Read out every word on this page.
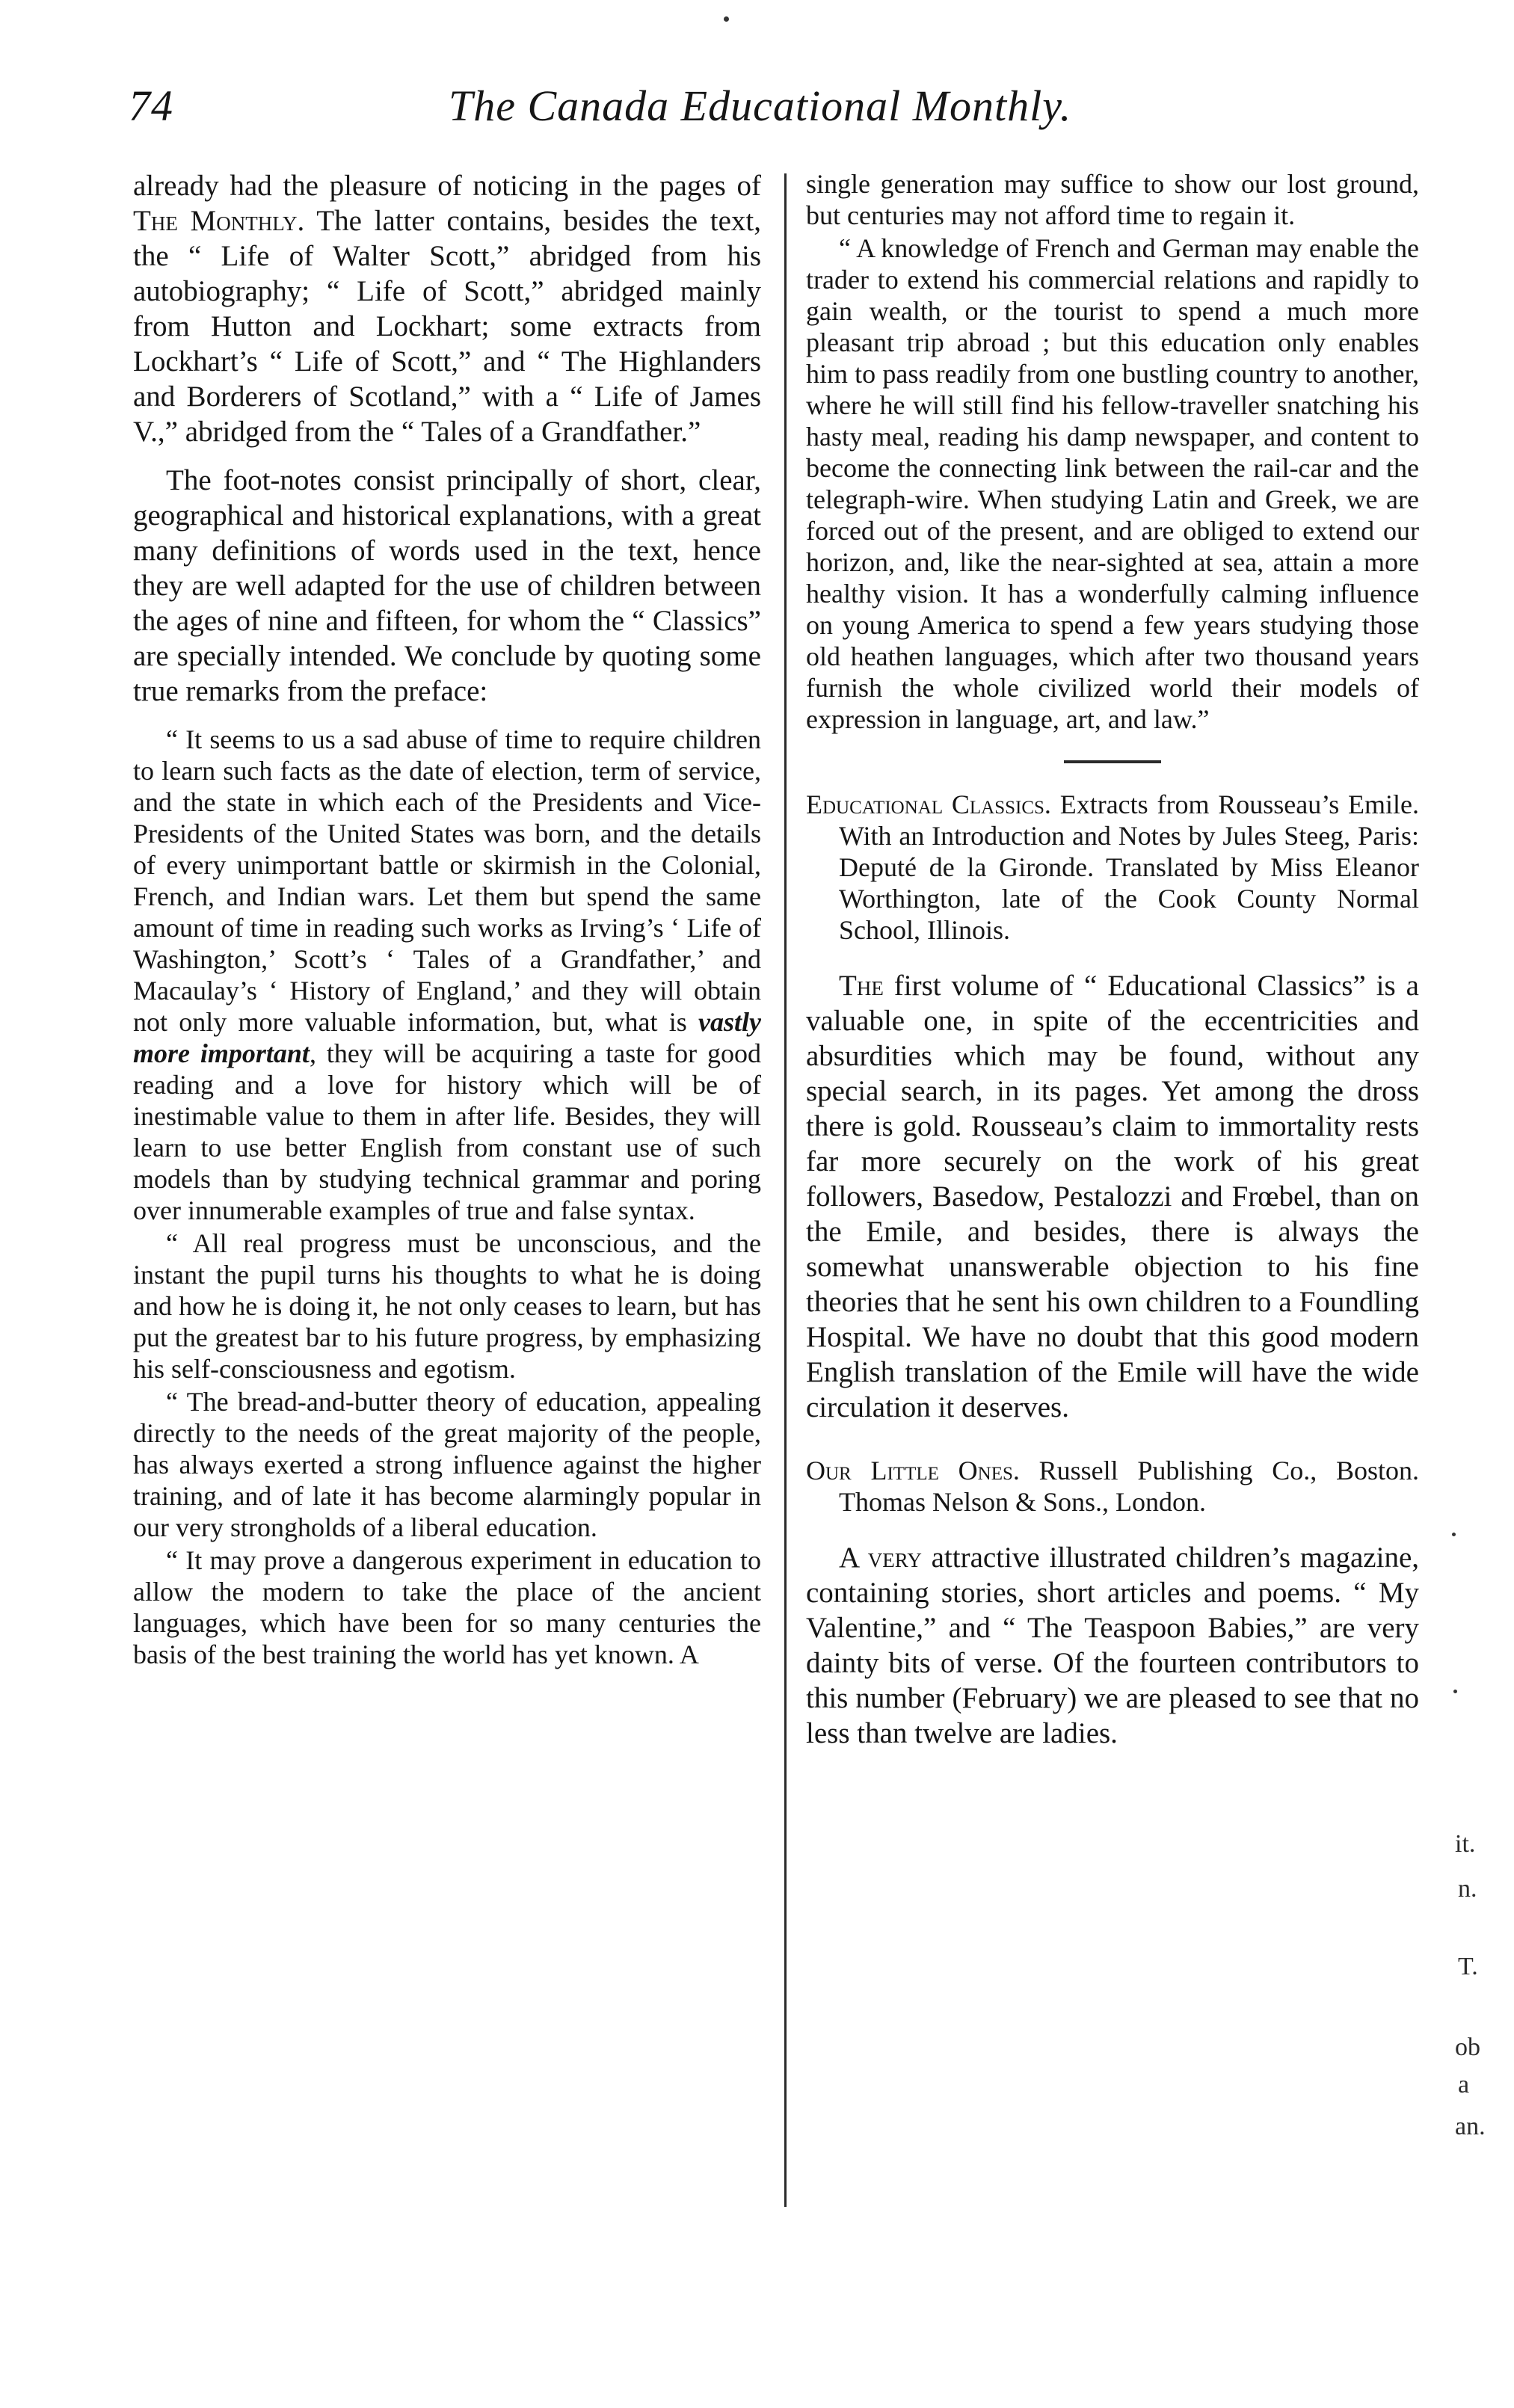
74	The Canada Educational Monthly.

already had the pleasure of noticing in the pages of The Monthly. The latter contains, besides the text, the “ Life of Walter Scott,” abridged from his autobiography; “ Life of Scott,” abridged mainly from Hutton and Lockhart; some extracts from Lockhart’s “ Life of Scott,” and “ The Highlanders and Borderers of Scotland,” with a “ Life of James V.,” abridged from the “ Tales of a Grandfather.”

The foot-notes consist principally of short, clear, geographical and historical explanations, with a great many definitions of words used in the text, hence they are well adapted for the use of children between the ages of nine and fifteen, for whom the “ Classics” are specially intended. We conclude by quoting some true remarks from the preface:

“ It seems to us a sad abuse of time to require children to learn such facts as the date of election, term of service, and the state in which each of the Presidents and Vice-Presidents of the United States was born, and the details of every unimportant battle or skirmish in the Colonial, French, and Indian wars. Let them but spend the same amount of time in reading such works as Irving’s ‘ Life of Washington,’ Scott’s ‘ Tales of a Grandfather,’ and Macaulay’s ‘ History of England,’ and they will obtain not only more valuable information, but, what is vastly more important, they will be acquiring a taste for good reading and a love for history which will be of inestimable value to them in after life. Besides, they will learn to use better English from constant use of such models than by studying technical grammar and poring over innumerable examples of true and false syntax.

“ All real progress must be unconscious, and the instant the pupil turns his thoughts to what he is doing and how he is doing it, he not only ceases to learn, but has put the greatest bar to his future progress, by emphasizing his self-consciousness and egotism.

“ The bread-and-butter theory of education, appealing directly to the needs of the great majority of the people, has always exerted a strong influence against the higher training, and of late it has become alarmingly popular in our very strongholds of a liberal education.

“ It may prove a dangerous experiment in education to allow the modern to take the place of the ancient languages, which have been for so many centuries the basis of the best training the world has yet known. A

single generation may suffice to show our lost ground, but centuries may not afford time to regain it.

“ A knowledge of French and German may enable the trader to extend his commercial relations and rapidly to gain wealth, or the tourist to spend a much more pleasant trip abroad ; but this education only enables him to pass readily from one bustling country to another, where he will still find his fellow-traveller snatching his hasty meal, reading his damp newspaper, and content to become the connecting link between the rail-car and the telegraph-wire. When studying Latin and Greek, we are forced out of the present, and are obliged to extend our horizon, and, like the near-sighted at sea, attain a more healthy vision. It has a wonderfully calming influence on young America to spend a few years studying those old heathen languages, which after two thousand years furnish the whole civilized world their models of expression in language, art, and law.”

Educational Classics. Extracts from Rousseau’s Emile. With an Introduction and Notes by Jules Steeg, Paris: Deputé de la Gironde. Translated by Miss Eleanor Worthington, late of the Cook County Normal School, Illinois.

The first volume of “ Educational Classics” is a valuable one, in spite of the eccentricities and absurdities which may be found, without any special search, in its pages. Yet among the dross there is gold. Rousseau’s claim to immortality rests far more securely on the work of his great followers, Basedow, Pestalozzi and Frœbel, than on the Emile, and besides, there is always the somewhat unanswerable objection to his fine theories that he sent his own children to a Foundling Hospital. We have no doubt that this good modern English translation of the Emile will have the wide circulation it deserves.

Our Little Ones. Russell Publishing Co., Boston. Thomas Nelson & Sons., London.

A very attractive illustrated children’s magazine, containing stories, short articles and poems. “ My Valentine,” and “ The Teaspoon Babies,” are very dainty bits of verse. Of the fourteen contributors to this number (February) we are pleased to see that no less than twelve are ladies.

it.
n.
T.
ob
a
an.
